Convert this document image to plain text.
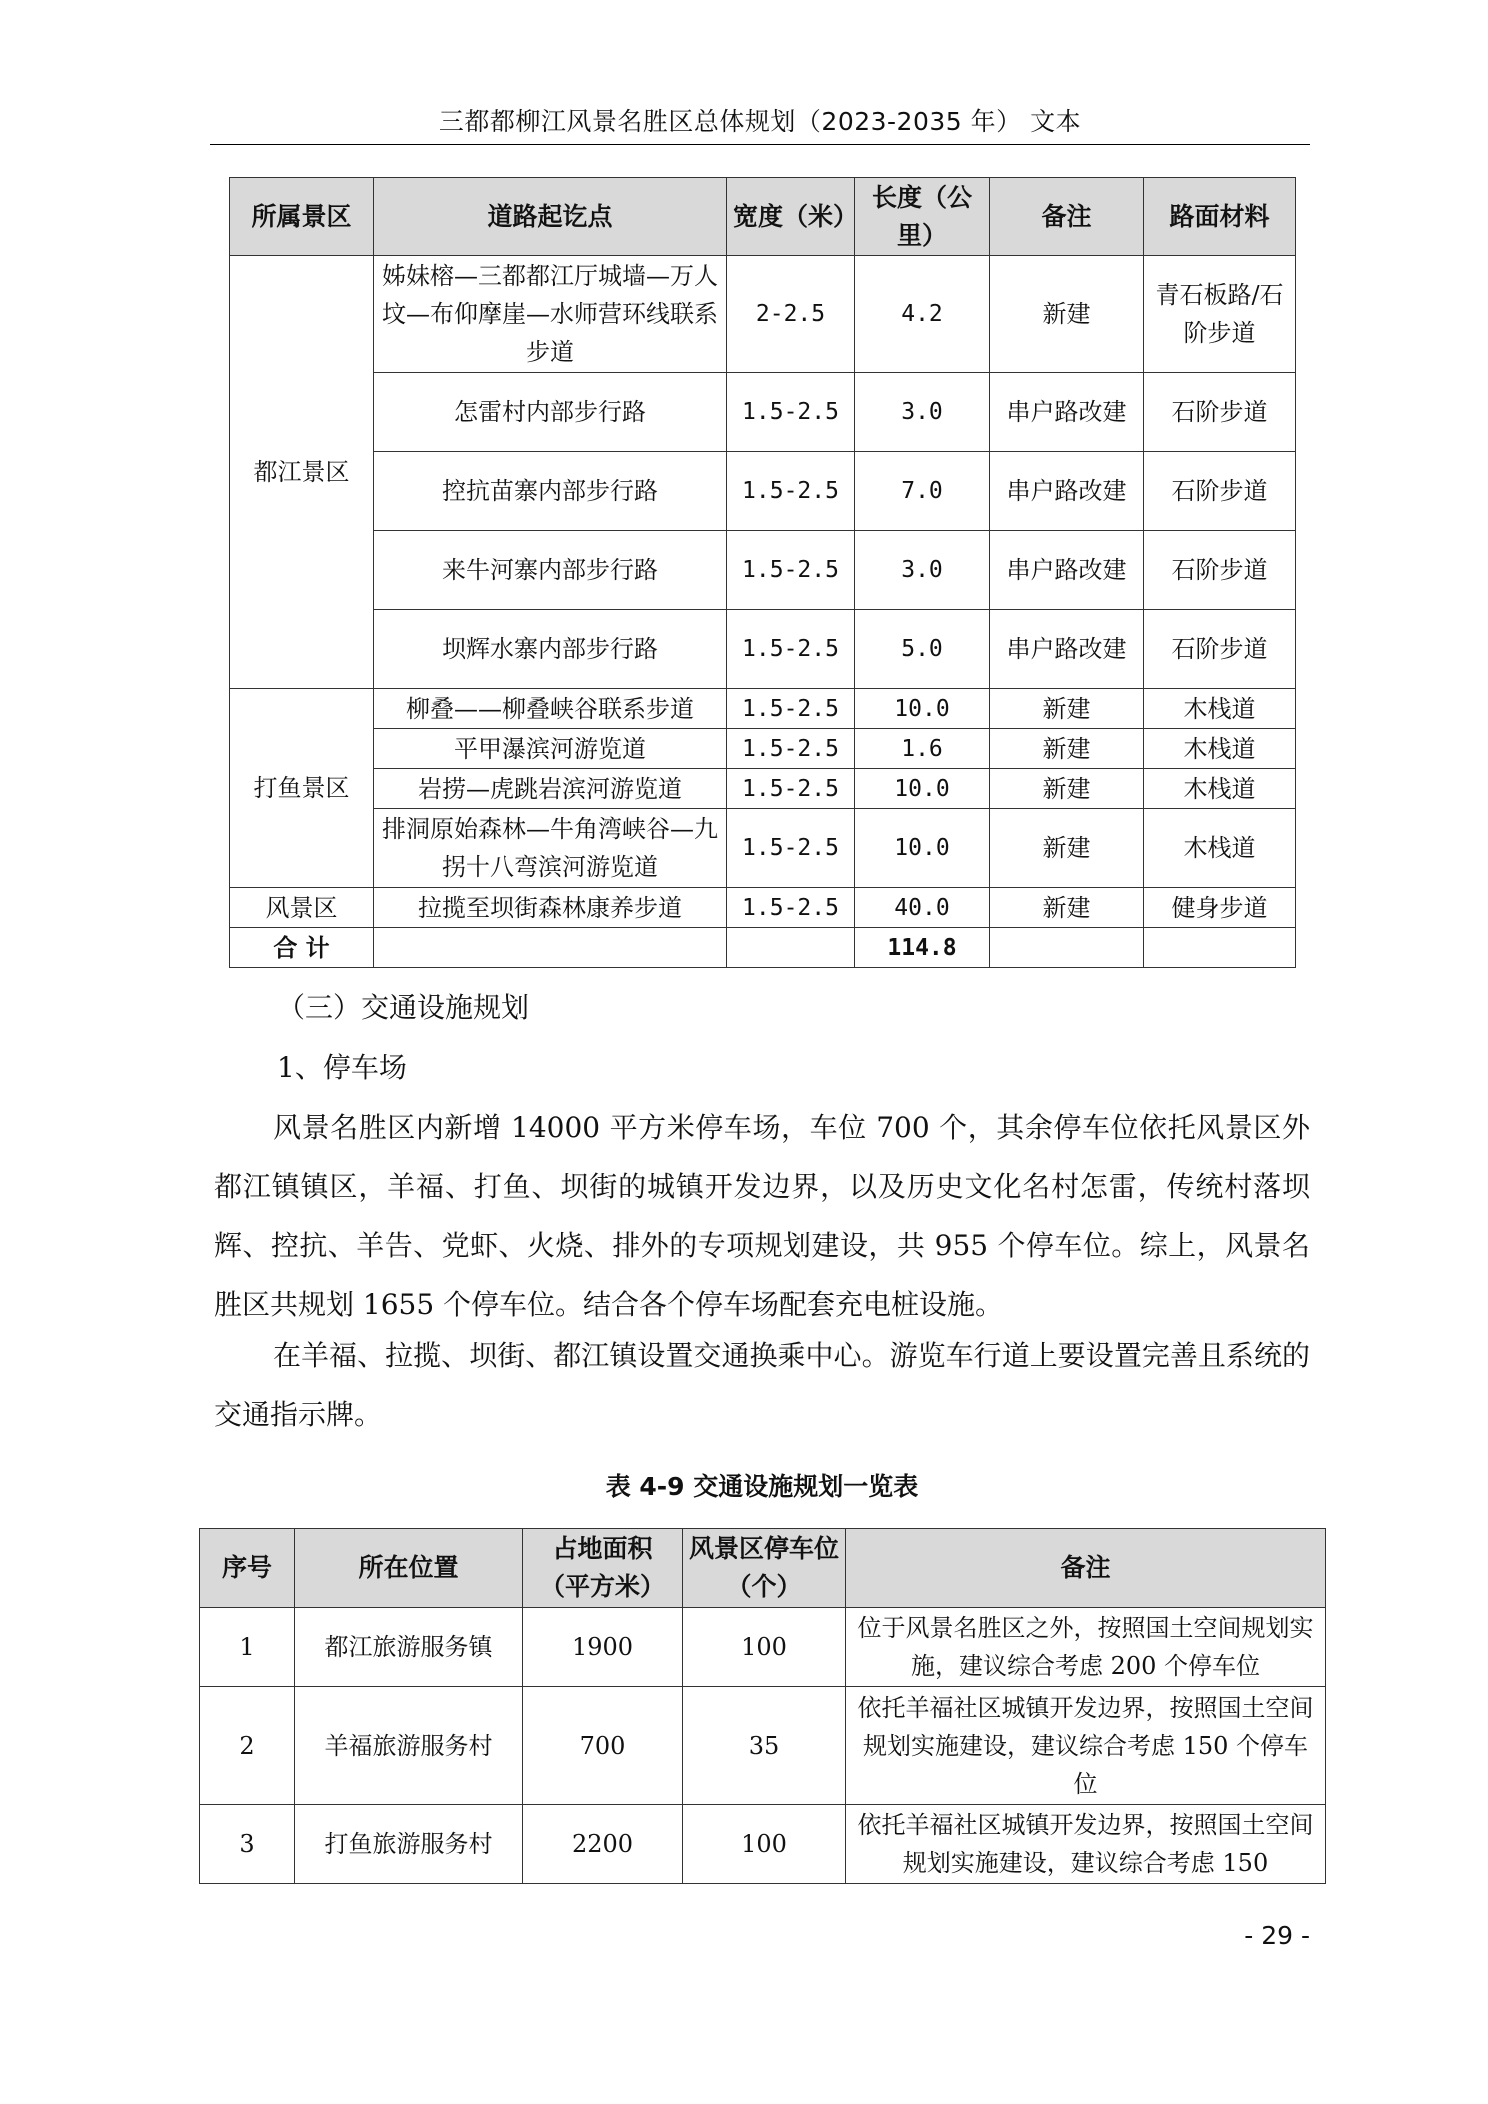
三都都柳江风景名胜区总体规划（2023-2035 年） 文本
所属景区	道路起讫点	宽度（米）	长度（公里）	备注	路面材料
都江景区	姊妹榕—三都都江厅城墙—万人坟—布仰摩崖—水师营环线联系步道	2-2.5	4.2	新建	青石板路/石阶步道
	怎雷村内部步行路	1.5-2.5	3.0	串户路改建	石阶步道
	控抗苗寨内部步行路	1.5-2.5	7.0	串户路改建	石阶步道
	来牛河寨内部步行路	1.5-2.5	3.0	串户路改建	石阶步道
	坝辉水寨内部步行路	1.5-2.5	5.0	串户路改建	石阶步道
打鱼景区	柳叠——柳叠峡谷联系步道	1.5-2.5	10.0	新建	木栈道
	平甲瀑滨河游览道	1.5-2.5	1.6	新建	木栈道
	岩捞—虎跳岩滨河游览道	1.5-2.5	10.0	新建	木栈道
	排洞原始森林—牛角湾峡谷—九拐十八弯滨河游览道	1.5-2.5	10.0	新建	木栈道
风景区	拉揽至坝街森林康养步道	1.5-2.5	40.0	新建	健身步道
合 计			114.8		
（三）交通设施规划
1、停车场
风景名胜区内新增 14000 平方米停车场，车位 700 个，其余停车位依托风景区外都江镇镇区，羊福、打鱼、坝街的城镇开发边界，以及历史文化名村怎雷，传统村落坝辉、控抗、羊告、党虾、火烧、排外的专项规划建设，共 955 个停车位。综上，风景名胜区共规划 1655 个停车位。结合各个停车场配套充电桩设施。
在羊福、拉揽、坝街、都江镇设置交通换乘中心。游览车行道上要设置完善且系统的交通指示牌。
表 4-9 交通设施规划一览表
序号	所在位置	占地面积（平方米）	风景区停车位（个）	备注
1	都江旅游服务镇	1900	100	位于风景名胜区之外，按照国土空间规划实施，建议综合考虑 200 个停车位
2	羊福旅游服务村	700	35	依托羊福社区城镇开发边界，按照国土空间规划实施建设，建议综合考虑 150 个停车位
3	打鱼旅游服务村	2200	100	依托羊福社区城镇开发边界，按照国土空间规划实施建设，建议综合考虑 150
- 29 -
